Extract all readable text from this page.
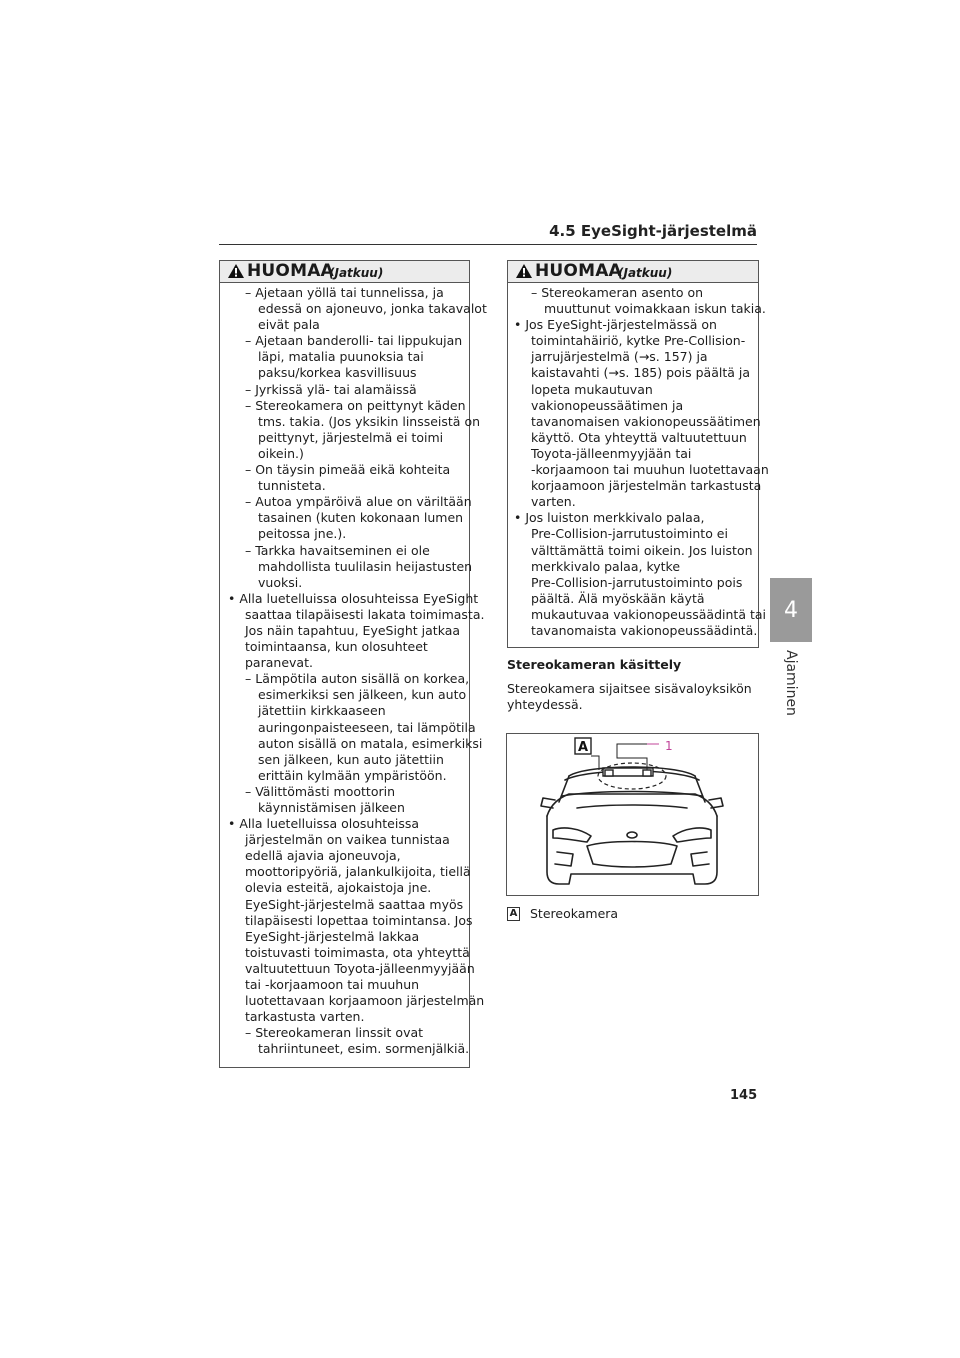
4.5 EyeSight-järjestelmä
4
Ajaminen
HUOMAA
(Jatkuu)
– Ajetaan yöllä tai tunnelissa, ja
edessä on ajoneuvo, jonka takavalot
eivät pala
– Ajetaan banderolli- tai lippukujan
läpi, matalia puunoksia tai
paksu/korkea kasvillisuus
– Jyrkissä ylä- tai alamäissä
– Stereokamera on peittynyt käden
tms. takia. (Jos yksikin linsseistä on
peittynyt, järjestelmä ei toimi
oikein.)
– On täysin pimeää eikä kohteita
tunnisteta.
– Autoa ympäröivä alue on väriltään
tasainen (kuten kokonaan lumen
peitossa jne.).
– Tarkka havaitseminen ei ole
mahdollista tuulilasin heijastusten
vuoksi.
• Alla luetelluissa olosuhteissa EyeSight
saattaa tilapäisesti lakata toimimasta.
Jos näin tapahtuu, EyeSight jatkaa
toimintaansa, kun olosuhteet
paranevat.
– Lämpötila auton sisällä on korkea,
esimerkiksi sen jälkeen, kun auto
jätettiin kirkkaaseen
auringonpaisteeseen, tai lämpötila
auton sisällä on matala, esimerkiksi
sen jälkeen, kun auto jätettiin
erittäin kylmään ympäristöön.
– Välittömästi moottorin
käynnistämisen jälkeen
• Alla luetelluissa olosuhteissa
järjestelmän on vaikea tunnistaa
edellä ajavia ajoneuvoja,
moottoripyöriä, jalankulkijoita, tiellä
olevia esteitä, ajokaistoja jne.
EyeSight-järjestelmä saattaa myös
tilapäisesti lopettaa toimintansa. Jos
EyeSight-järjestelmä lakkaa
toistuvasti toimimasta, ota yhteyttä
valtuutettuun Toyota-jälleenmyyjään
tai -korjaamoon tai muuhun
luotettavaan korjaamoon järjestelmän
tarkastusta varten.
– Stereokameran linssit ovat
tahriintuneet, esim. sormenjälkiä.
HUOMAA
(Jatkuu)
– Stereokameran asento on
muuttunut voimakkaan iskun takia.
• Jos EyeSight-järjestelmässä on
toimintahäiriö, kytke Pre-Collision-
jarrujärjestelmä (→s. 157) ja
kaistavahti (→s. 185) pois päältä ja
lopeta mukautuvan
vakionopeussäätimen ja
tavanomaisen vakionopeussäätimen
käyttö. Ota yhteyttä valtuutettuun
Toyota-jälleenmyyjään tai
-korjaamoon tai muuhun luotettavaan
korjaamoon järjestelmän tarkastusta
varten.
• Jos luiston merkkivalo palaa,
Pre-Collision-jarrutustoiminto ei
välttämättä toimi oikein. Jos luiston
merkkivalo palaa, kytke
Pre-Collision-jarrutustoiminto pois
päältä. Älä myöskään käytä
mukautuvaa vakionopeussäädintä tai
tavanomaista vakionopeussäädintä.
Stereokameran käsittely
Stereokamera sijaitsee sisävaloyksikön
yhteydessä.
A	1
A Stereokamera
145
